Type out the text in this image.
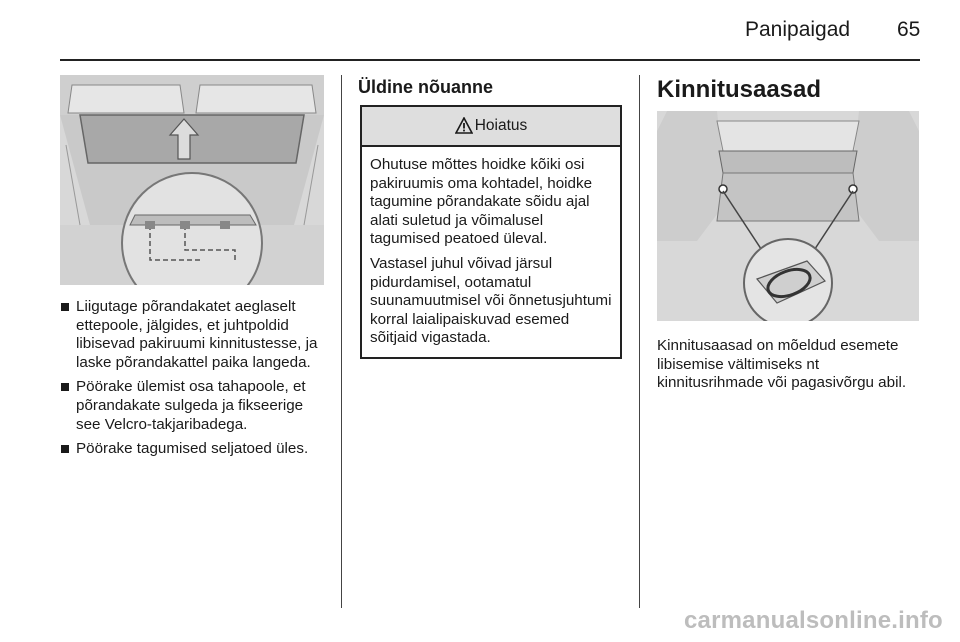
Panipaigad 65
Liigutage põrandakatet aeglaselt ettepoole, jälgides, et juhtpoldid libisevad pakiruumi kinnitustesse, ja laske põrandakattel paika langeda.
Pöörake ülemist osa tahapoole, et põrandakate sulgeda ja fikseerige see Velcro-takjaribadega.
Pöörake tagumised seljatoed üles.
Üldine nõuanne
Hoiatus

Ohutuse mõttes hoidke kõiki osi pakiruumis oma kohtadel, hoidke tagumine põrandakate sõidu ajal alati suletud ja võimalusel tagumised peatoed üleval.

Vastasel juhul võivad järsul pidurdamisel, ootamatul suunamuutmisel või õnnetusjuhtumi korral laialipaiskuvad esemed sõitjaid vigastada.

Kinnitusaasad
Kinnitusaasad on mõeldud esemete libisemise vältimiseks nt kinnitusrihmade või pagasivõrgu abil.
carmanualsonline.info
